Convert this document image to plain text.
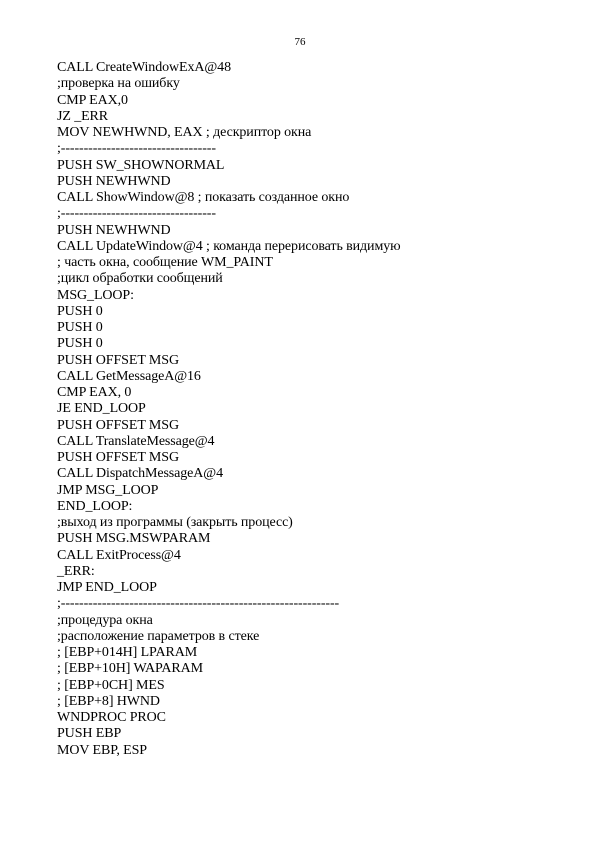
76
CALL CreateWindowExA@48
;проверка на ошибку
CMP EAX,0
JZ _ERR
MOV NEWHWND, EAX ; дескриптор окна
;----------------------------------
PUSH SW_SHOWNORMAL
PUSH NEWHWND
CALL ShowWindow@8 ; показать созданное окно
;----------------------------------
PUSH NEWHWND
CALL UpdateWindow@4 ; команда перерисовать видимую
; часть окна, сообщение WM_PAINT
;цикл обработки сообщений
MSG_LOOP:
PUSH 0
PUSH 0
PUSH 0
PUSH OFFSET MSG
CALL GetMessageA@16
CMP EAX, 0
JE END_LOOP
PUSH OFFSET MSG
CALL TranslateMessage@4
PUSH OFFSET MSG
CALL DispatchMessageA@4
JMP MSG_LOOP
END_LOOP:
;выход из программы (закрыть процесс)
PUSH MSG.MSWPARAM
CALL ExitProcess@4
_ERR:
JMP END_LOOP
;-------------------------------------------------------------
;процедура окна
;расположение параметров в стеке
; [EBP+014H] LPARAM
; [EBP+10H] WAPARAM
; [EBP+0CH] MES
; [EBP+8] HWND
WNDPROC PROC
PUSH EBP
MOV EBP, ESP
